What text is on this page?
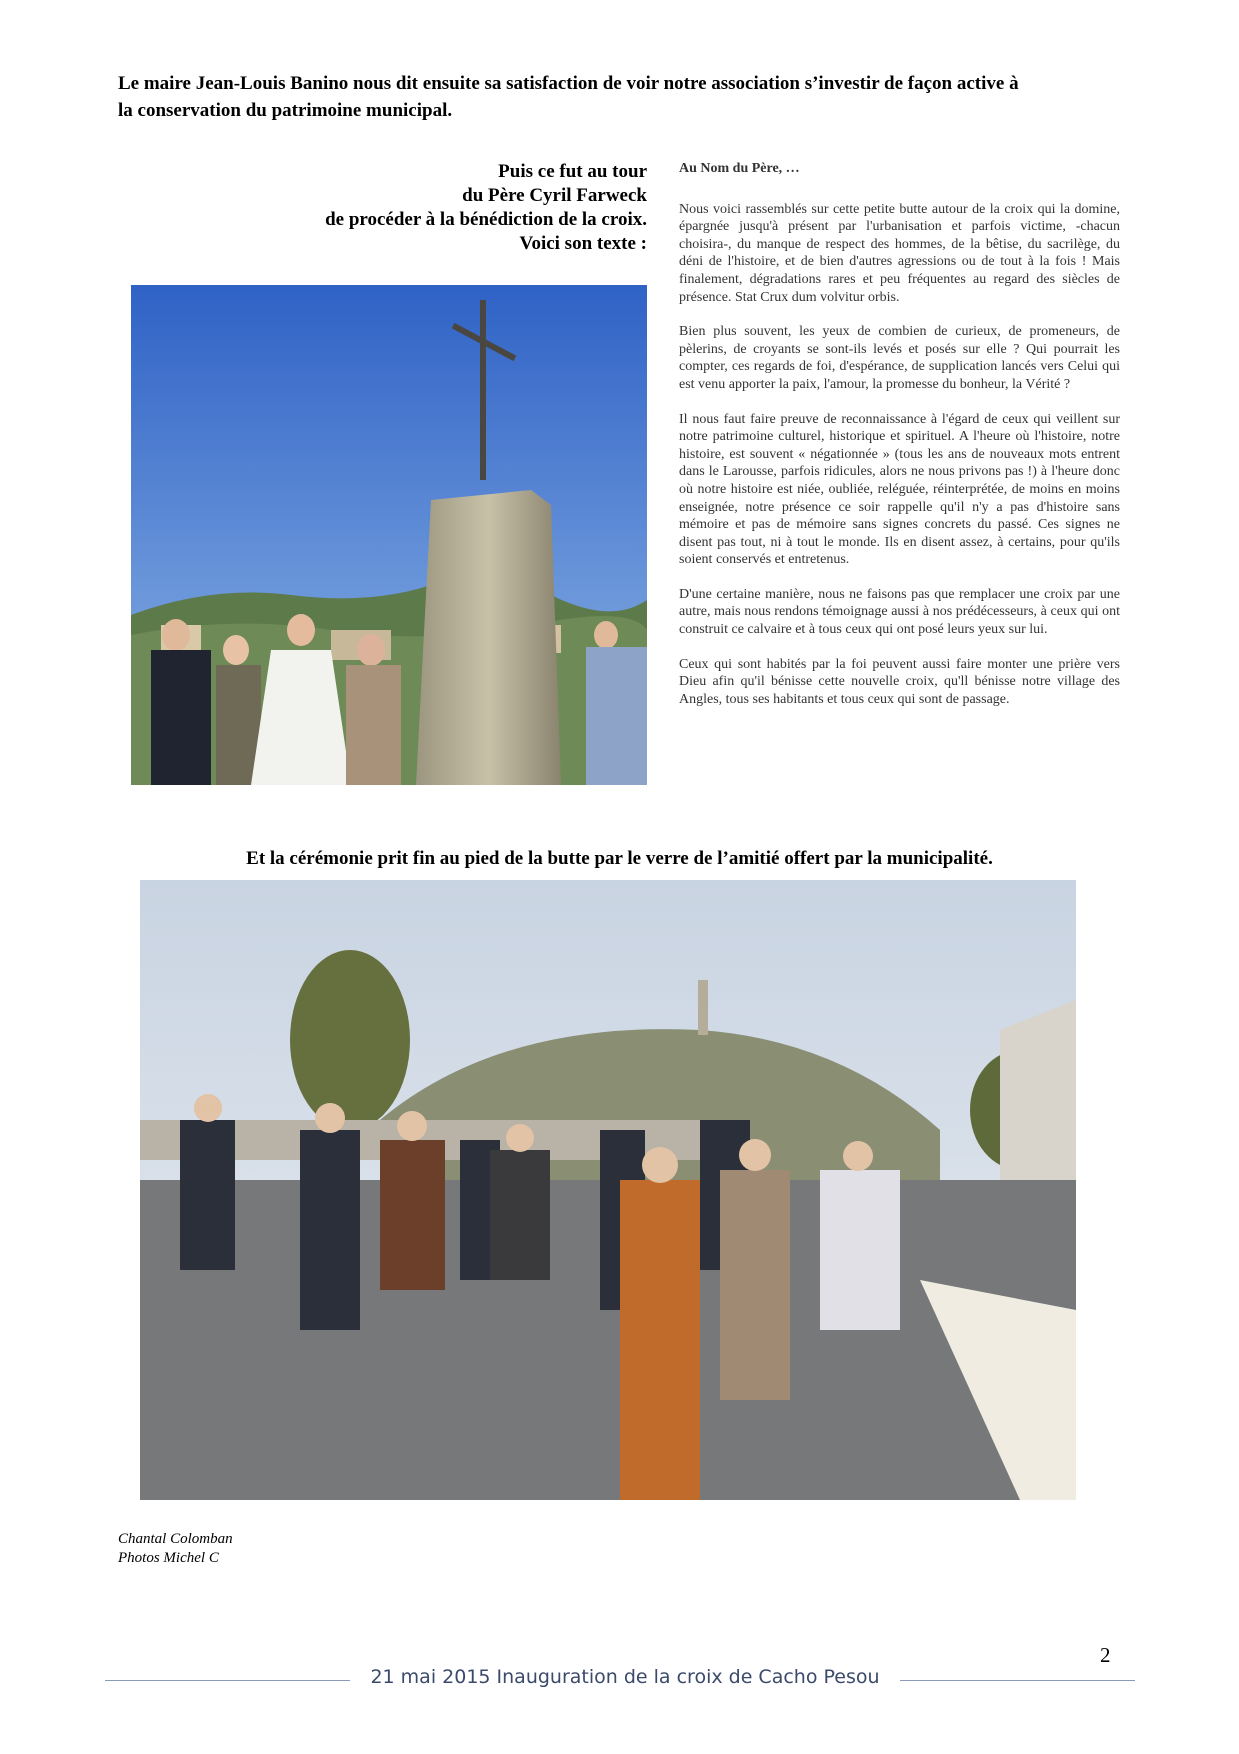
Le maire Jean-Louis Banino nous dit ensuite sa satisfaction de voir notre association s’investir de façon active à

la conservation du patrimoine municipal.

Puis ce fut au tour
du Père Cyril Farweck
de procéder à la bénédiction de la croix.
Voici son texte :
Au Nom du Père, …

Nous voici rassemblés sur cette petite butte autour de la croix qui la domine, épargnée jusqu'à présent par l'urbanisation et parfois victime, -chacun choisira-, du manque de respect des hommes, de la bêtise, du sacrilège, du déni de l'histoire, et de bien d'autres agressions ou de tout à la fois ! Mais finalement, dégradations rares et peu fréquentes au regard des siècles de présence. Stat Crux dum volvitur orbis.

Bien plus souvent, les yeux de combien de curieux, de promeneurs, de pèlerins, de croyants se sont-ils levés et posés sur elle ? Qui pourrait les compter, ces regards de foi, d'espérance, de supplication lancés vers Celui qui est venu apporter la paix, l'amour, la promesse du bonheur, la Vérité ?

Il nous faut faire preuve de reconnaissance à l'égard de ceux qui veillent sur notre patrimoine culturel, historique et spirituel. A l'heure où l'histoire, notre histoire, est souvent « négationnée » (tous les ans de nouveaux mots entrent dans le Larousse, parfois ridicules, alors ne nous privons pas !) à l'heure donc où notre histoire est niée, oubliée, reléguée, réinterprétée, de moins en moins enseignée, notre présence ce soir rappelle qu'il n'y a pas d'histoire sans mémoire et pas de mémoire sans signes concrets du passé. Ces signes ne disent pas tout, ni à tout le monde. Ils en disent assez, à certains, pour qu'ils soient conservés et entretenus.

D'une certaine manière, nous ne faisons pas que remplacer une croix par une autre, mais nous rendons témoignage aussi à nos prédécesseurs, à ceux qui ont construit ce calvaire et à tous ceux qui ont posé leurs yeux sur lui.

Ceux qui sont habités par la foi peuvent aussi faire monter une prière vers Dieu afin qu'il bénisse cette nouvelle croix, qu'll bénisse notre village des Angles, tous ses habitants et tous ceux qui sont de passage.

Et la cérémonie prit fin au pied de la butte par le verre de l’amitié offert par la municipalité.
Chantal Colomban
Photos Michel C
21 mai 2015 Inauguration de la croix de Cacho Pesou
2
